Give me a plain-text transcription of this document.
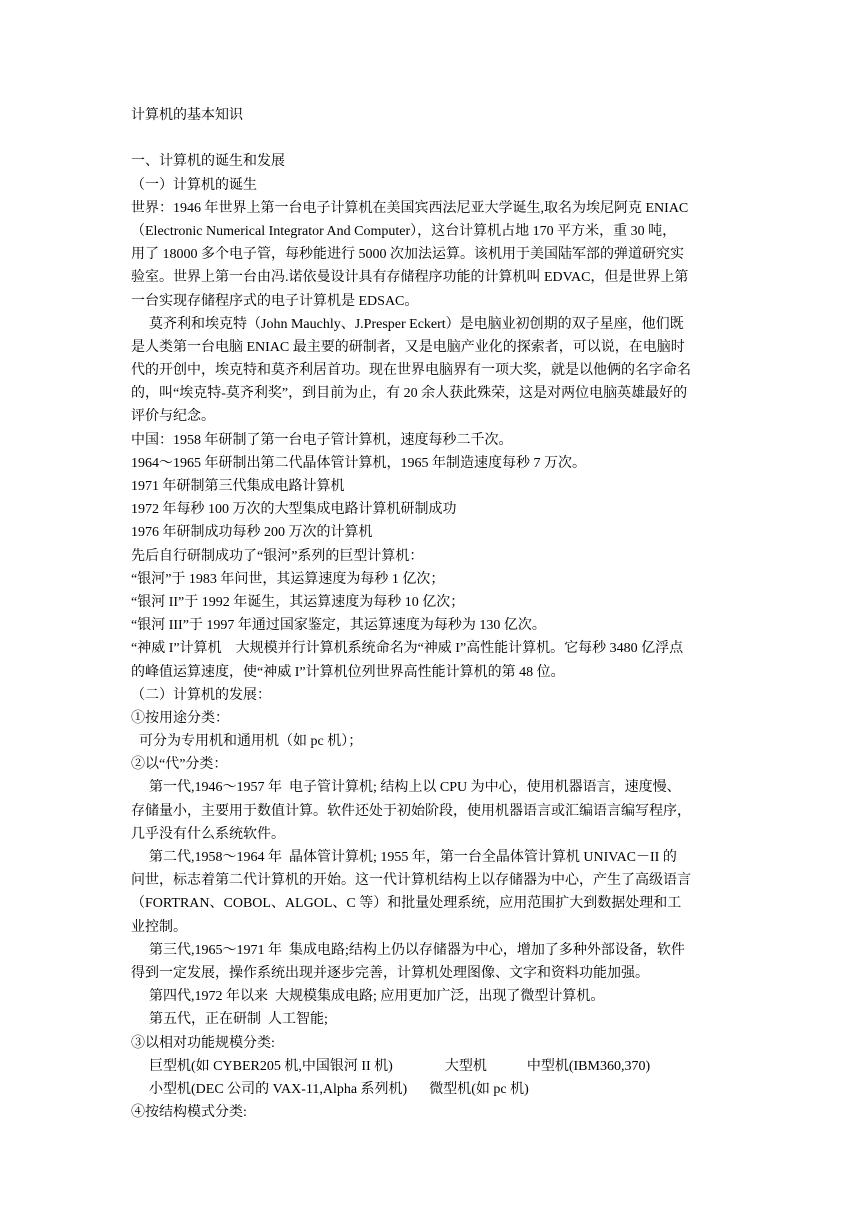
计算机的基本知识

一、计算机的诞生和发展

（一）计算机的诞生

世界：1946 年世界上第一台电子计算机在美国宾西法尼亚大学诞生,取名为埃尼阿克 ENIAC

（Electronic Numerical Integrator And Computer），这台计算机占地 170 平方米，重 30 吨，

用了 18000 多个电子管，每秒能进行 5000 次加法运算。该机用于美国陆军部的弹道研究实

验室。世界上第一台由冯.诺依曼设计具有存储程序功能的计算机叫 EDVAC，但是世界上第

一台实现存储程序式的电子计算机是 EDSAC。

莫齐利和埃克特（John Mauchly、J.Presper Eckert）是电脑业初创期的双子星座，他们既

是人类第一台电脑 ENIAC 最主要的研制者，又是电脑产业化的探索者，可以说，在电脑时

代的开创中，埃克特和莫齐利居首功。现在世界电脑界有一项大奖，就是以他俩的名字命名

的，叫“埃克特-莫齐利奖”，到目前为止，有 20 余人获此殊荣，这是对两位电脑英雄最好的

评价与纪念。

中国：1958 年研制了第一台电子管计算机，速度每秒二千次。

1964～1965 年研制出第二代晶体管计算机，1965 年制造速度每秒 7 万次。

1971 年研制第三代集成电路计算机

1972 年每秒 100 万次的大型集成电路计算机研制成功

1976 年研制成功每秒 200 万次的计算机

先后自行研制成功了“银河”系列的巨型计算机：

“银河”于 1983 年问世，其运算速度为每秒 1 亿次；

“银河 II”于 1992 年诞生，其运算速度为每秒 10 亿次；

“银河 III”于 1997 年通过国家鉴定，其运算速度为每秒为 130 亿次。

“神威 I”计算机    大规模并行计算机系统命名为“神威 I”高性能计算机。它每秒 3480 亿浮点

的峰值运算速度，使“神威 I”计算机位列世界高性能计算机的第 48 位。

（二）计算机的发展：

①按用途分类：

可分为专用机和通用机（如 pc 机）；

②以“代”分类：

第一代,1946～1957 年  电子管计算机; 结构上以 CPU 为中心，使用机器语言，速度慢、

存储量小，主要用于数值计算。软件还处于初始阶段，使用机器语言或汇编语言编写程序，

几乎没有什么系统软件。

第二代,1958～1964 年  晶体管计算机; 1955 年，第一台全晶体管计算机 UNIVAC－II 的

问世，标志着第二代计算机的开始。这一代计算机结构上以存储器为中心，产生了高级语言

（FORTRAN、COBOL、ALGOL、C 等）和批量处理系统，应用范围扩大到数据处理和工

业控制。

第三代,1965～1971 年  集成电路;结构上仍以存储器为中心，增加了多种外部设备，软件

得到一定发展，操作系统出现并逐步完善，计算机处理图像、文字和资料功能加强。

第四代,1972 年以来  大规模集成电路; 应用更加广泛，出现了微型计算机。

第五代，正在研制  人工智能;

③以相对功能规模分类:

巨型机(如 CYBER205 机,中国银河 II 机)	大型机	中型机(IBM360,370)

小型机(DEC 公司的 VAX-11,Alpha 系列机) 微型机(如 pc 机)

④按结构模式分类:
